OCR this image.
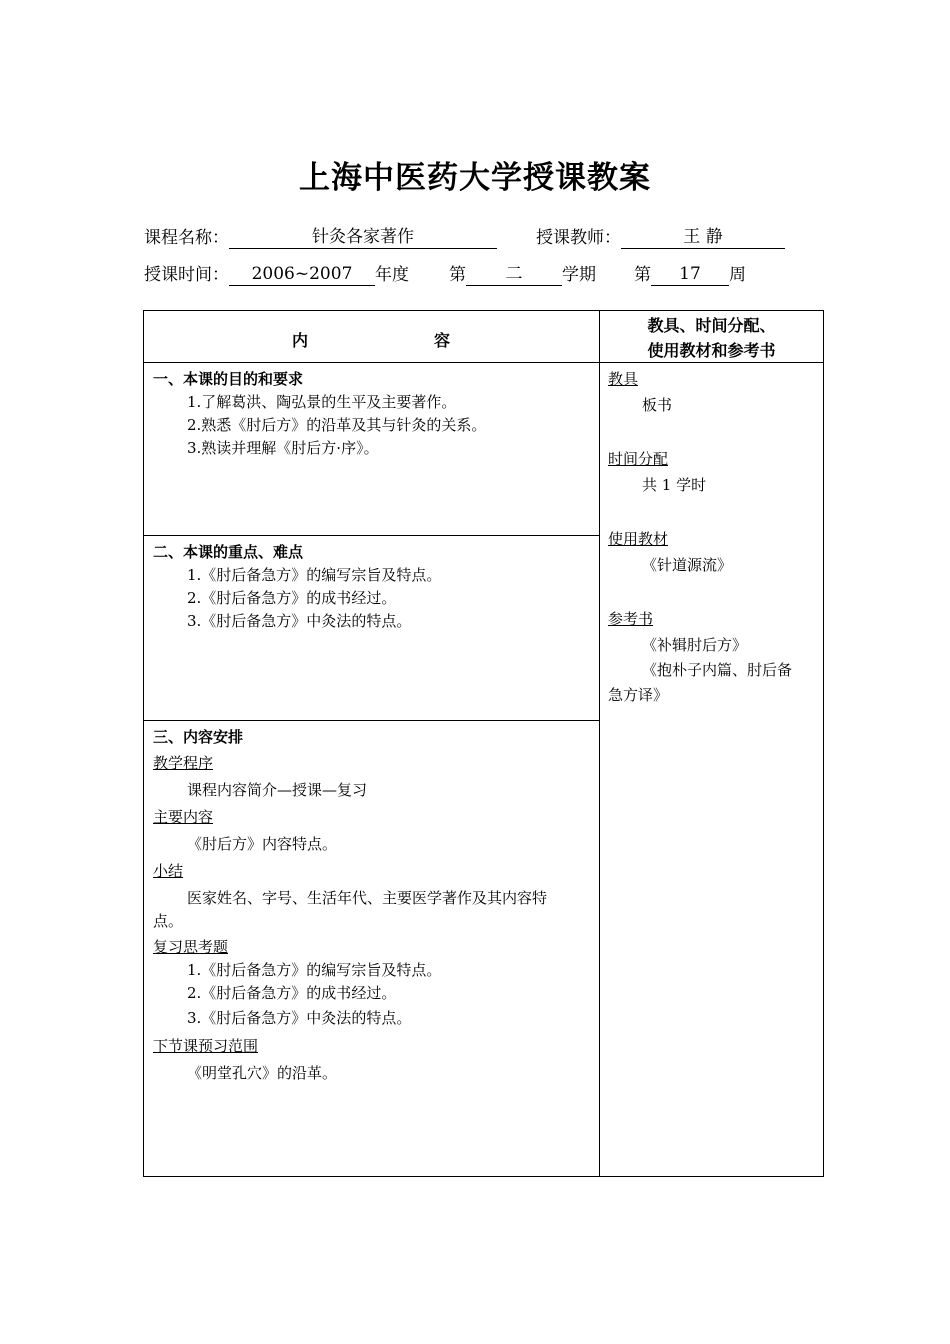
上海中医药大学授课教案
课程名称：	针灸各家著作	授课教师：	王 静
授课时间： 2006~2007 年度 第 二 学期 第 17 周
内	容
教具、时间分配、
使用教材和参考书
一、本课的目的和要求
1.了解葛洪、陶弘景的生平及主要著作。
2.熟悉《肘后方》的沿革及其与针灸的关系。
3.熟读并理解《肘后方·序》。
二、本课的重点、难点
1.《肘后备急方》的编写宗旨及特点。
2.《肘后备急方》的成书经过。
3.《肘后备急方》中灸法的特点。
三、内容安排
教学程序
课程内容简介—授课—复习
主要内容
《肘后方》内容特点。
小结
医家姓名、字号、生活年代、主要医学著作及其内容特
点。
复习思考题
1.《肘后备急方》的编写宗旨及特点。
2.《肘后备急方》的成书经过。
3.《肘后备急方》中灸法的特点。
下节课预习范围
《明堂孔穴》的沿革。
教具
板书
时间分配
共 1 学时
使用教材
《针道源流》
参考书
《补辑肘后方》
《抱朴子内篇、肘后备
急方译》
